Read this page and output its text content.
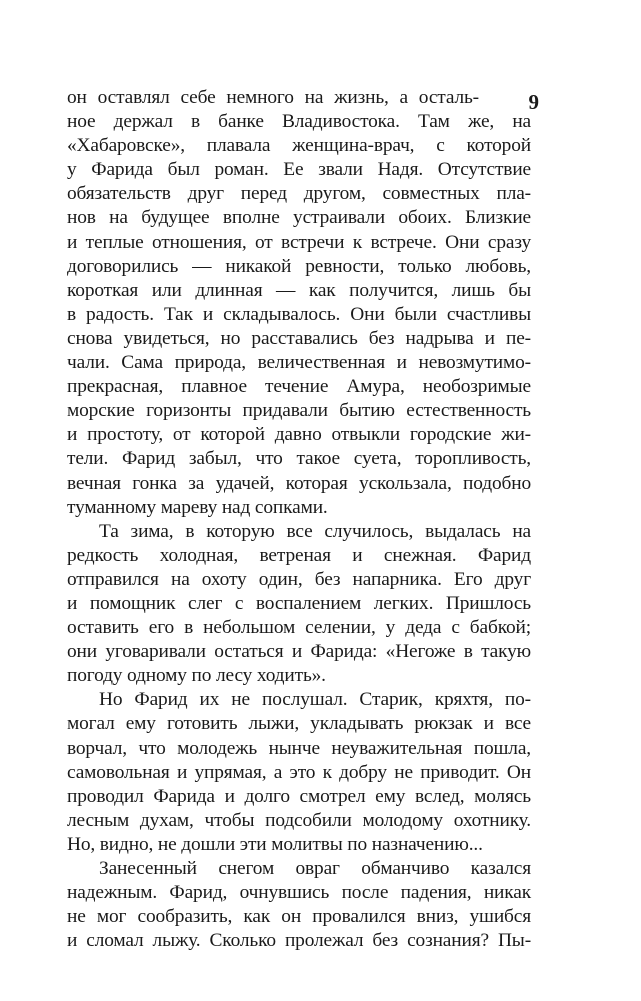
9
он оставлял себе немного на жизнь, а осталь-
ное держал в банке Владивостока. Там же, на
«Хабаровске», плавала женщина-врач, с которой
у Фарида был роман. Ее звали Надя. Отсутствие
обязательств друг перед другом, совместных пла-
нов на будущее вполне устраивали обоих. Близкие
и теплые отношения, от встречи к встрече. Они сразу
договорились — никакой ревности, только любовь,
короткая или длинная — как получится, лишь бы
в радость. Так и складывалось. Они были счастливы
снова увидеться, но расставались без надрыва и пе-
чали. Сама природа, величественная и невозмутимо-
прекрасная, плавное течение Амура, необозримые
морские горизонты придавали бытию естественность
и простоту, от которой давно отвыкли городские жи-
тели. Фарид забыл, что такое суета, торопливость,
вечная гонка за удачей, которая ускользала, подобно
туманному мареву над сопками.
Та зима, в которую все случилось, выдалась на
редкость холодная, ветреная и снежная. Фарид
отправился на охоту один, без напарника. Его друг
и помощник слег с воспалением легких. Пришлось
оставить его в небольшом селении, у деда с бабкой;
они уговаривали остаться и Фарида: «Негоже в такую
погоду одному по лесу ходить».
Но Фарид их не послушал. Старик, кряхтя, по-
могал ему готовить лыжи, укладывать рюкзак и все
ворчал, что молодежь нынче неуважительная пошла,
самовольная и упрямая, а это к добру не приводит. Он
проводил Фарида и долго смотрел ему вслед, молясь
лесным духам, чтобы подсобили молодому охотнику.
Но, видно, не дошли эти молитвы по назначению...
Занесенный снегом овраг обманчиво казался
надежным. Фарид, очнувшись после падения, никак
не мог сообразить, как он провалился вниз, ушибся
и сломал лыжу. Сколько пролежал без сознания? Пы-
